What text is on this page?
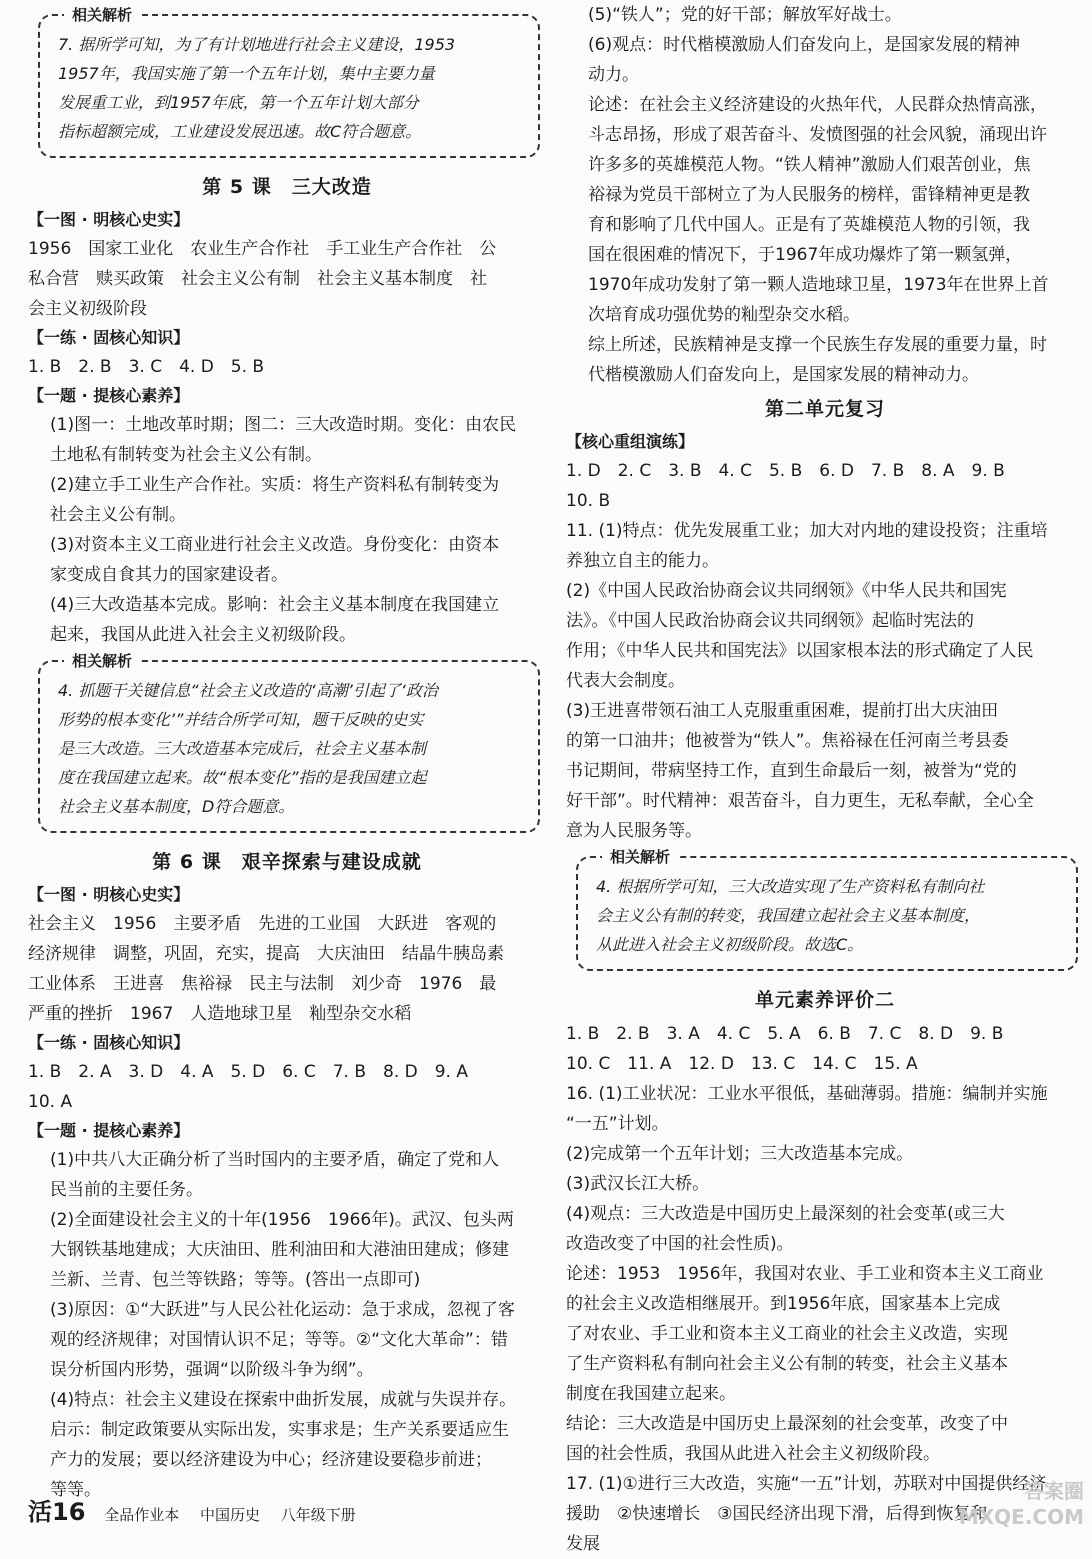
相关解析
7. 据所学可知，为了有计划地进行社会主义建设，1953
1957年，我国实施了第一个五年计划，集中主要力量
发展重工业，到1957年底，第一个五年计划大部分
指标超额完成，工业建设发展迅速。故C符合题意。
第 5 课　三大改造
【一图 · 明核心史实】
1956　国家工业化　农业生产合作社　手工业生产合作社　公
私合营　赎买政策　社会主义公有制　社会主义基本制度　社
会主义初级阶段
【一练 · 固核心知识】
1. B　2. B　3. C　4. D　5. B
【一题 · 提核心素养】
(1)图一：土地改革时期；图二：三大改造时期。变化：由农民
土地私有制转变为社会主义公有制。
(2)建立手工业生产合作社。实质：将生产资料私有制转变为
社会主义公有制。
(3)对资本主义工商业进行社会主义改造。身份变化：由资本
家变成自食其力的国家建设者。
(4)三大改造基本完成。影响：社会主义基本制度在我国建立
起来，我国从此进入社会主义初级阶段。
相关解析
4. 抓题干关键信息“社会主义改造的‘高潮’引起了‘政治
形势的根本变化’”并结合所学可知，题干反映的史实
是三大改造。三大改造基本完成后，社会主义基本制
度在我国建立起来。故“根本变化”指的是我国建立起
社会主义基本制度，D符合题意。
第 6 课　艰辛探索与建设成就
【一图 · 明核心史实】
社会主义　1956　主要矛盾　先进的工业国　大跃进　客观的
经济规律　调整，巩固，充实，提高　大庆油田　结晶牛胰岛素
工业体系　王进喜　焦裕禄　民主与法制　刘少奇　1976　最
严重的挫折　1967　人造地球卫星　籼型杂交水稻
【一练 · 固核心知识】
1. B　2. A　3. D　4. A　5. D　6. C　7. B　8. D　9. A
10. A
【一题 · 提核心素养】
(1)中共八大正确分析了当时国内的主要矛盾，确定了党和人
民当前的主要任务。
(2)全面建设社会主义的十年(1956　1966年)。武汉、包头两
大钢铁基地建成；大庆油田、胜利油田和大港油田建成；修建
兰新、兰青、包兰等铁路；等等。(答出一点即可)
(3)原因：①“大跃进”与人民公社化运动：急于求成，忽视了客
观的经济规律；对国情认识不足；等等。②“文化大革命”：错
误分析国内形势，强调“以阶级斗争为纲”。
(4)特点：社会主义建设在探索中曲折发展，成就与失误并存。
启示：制定政策要从实际出发，实事求是；生产关系要适应生
产力的发展；要以经济建设为中心；经济建设要稳步前进；
等等。
(5)“铁人”；党的好干部；解放军好战士。
(6)观点：时代楷模激励人们奋发向上，是国家发展的精神
动力。
论述：在社会主义经济建设的火热年代，人民群众热情高涨，
斗志昂扬，形成了艰苦奋斗、发愤图强的社会风貌，涌现出许
许多多的英雄模范人物。“铁人精神”激励人们艰苦创业，焦
裕禄为党员干部树立了为人民服务的榜样，雷锋精神更是教
育和影响了几代中国人。正是有了英雄模范人物的引领，我
国在很困难的情况下，于1967年成功爆炸了第一颗氢弹，
1970年成功发射了第一颗人造地球卫星，1973年在世界上首
次培育成功强优势的籼型杂交水稻。
综上所述，民族精神是支撑一个民族生存发展的重要力量，时
代楷模激励人们奋发向上，是国家发展的精神动力。
第二单元复习
【核心重组演练】
1. D　2. C　3. B　4. C　5. B　6. D　7. B　8. A　9. B
10. B
11. (1)特点：优先发展重工业；加大对内地的建设投资；注重培
养独立自主的能力。
(2)《中国人民政治协商会议共同纲领》《中华人民共和国宪
法》。《中国人民政治协商会议共同纲领》起临时宪法的
作用；《中华人民共和国宪法》以国家根本法的形式确定了人民
代表大会制度。
(3)王进喜带领石油工人克服重重困难，提前打出大庆油田
的第一口油井；他被誉为“铁人”。焦裕禄在任河南兰考县委
书记期间，带病坚持工作，直到生命最后一刻，被誉为“党的
好干部”。时代精神：艰苦奋斗，自力更生，无私奉献，全心全
意为人民服务等。
相关解析
4. 根据所学可知，三大改造实现了生产资料私有制向社
会主义公有制的转变，我国建立起社会主义基本制度，
从此进入社会主义初级阶段。故选C。
单元素养评价二
1. B　2. B　3. A　4. C　5. A　6. B　7. C　8. D　9. B
10. C　11. A　12. D　13. C　14. C　15. A
16. (1)工业状况：工业水平很低，基础薄弱。措施：编制并实施
“一五”计划。
(2)完成第一个五年计划；三大改造基本完成。
(3)武汉长江大桥。
(4)观点：三大改造是中国历史上最深刻的社会变革(或三大
改造改变了中国的社会性质)。
论述：1953　1956年，我国对农业、手工业和资本主义工商业
的社会主义改造相继展开。到1956年底，国家基本上完成
了对农业、手工业和资本主义工商业的社会主义改造，实现
了生产资料私有制向社会主义公有制的转变，社会主义基本
制度在我国建立起来。
结论：三大改造是中国历史上最深刻的社会变革，改变了中
国的社会性质，我国从此进入社会主义初级阶段。
17. (1)①进行三大改造，实施“一五”计划，苏联对中国提供经济
援助　②快速增长　③国民经济出现下滑，后得到恢复和
发展
活16 全品作业本 中国历史 八年级下册
答案圈
MXQE.COM
